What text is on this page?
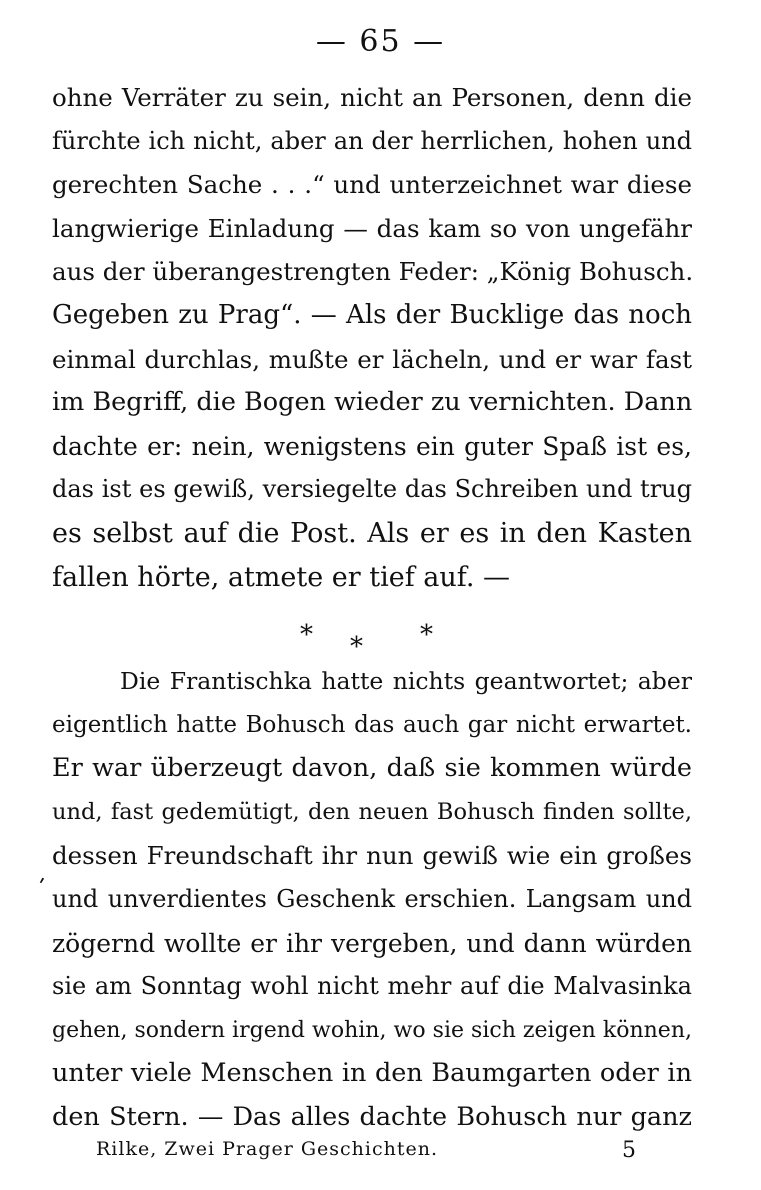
— 65 —
ohne Verräter zu sein, nicht an Personen, denn die
fürchte ich nicht, aber an der herrlichen, hohen und
gerechten Sache . . .“ und unterzeichnet war diese
langwierige Einladung — das kam so von ungefähr
aus der überangestrengten Feder: „König Bohusch.
Gegeben zu Prag“. — Als der Bucklige das noch
einmal durchlas, mußte er lächeln, und er war fast
im Begriff, die Bogen wieder zu vernichten. Dann
dachte er: nein, wenigstens ein guter Spaß ist es,
das ist es gewiß, versiegelte das Schreiben und trug
es selbst auf die Post. Als er es in den Kasten
fallen hörte, atmete er tief auf. —
* * *
Die Frantischka hatte nichts geantwortet; aber
eigentlich hatte Bohusch das auch gar nicht erwartet.
Er war überzeugt davon, daß sie kommen würde
und, fast gedemütigt, den neuen Bohusch finden sollte,
dessen Freundschaft ihr nun gewiß wie ein großes
und unverdientes Geschenk erschien. Langsam und
zögernd wollte er ihr vergeben, und dann würden
sie am Sonntag wohl nicht mehr auf die Malvasinka
gehen, sondern irgend wohin, wo sie sich zeigen können,
unter viele Menschen in den Baumgarten oder in
den Stern. — Das alles dachte Bohusch nur ganz
ʹ
Rilke, Zwei Prager Geschichten.	5
